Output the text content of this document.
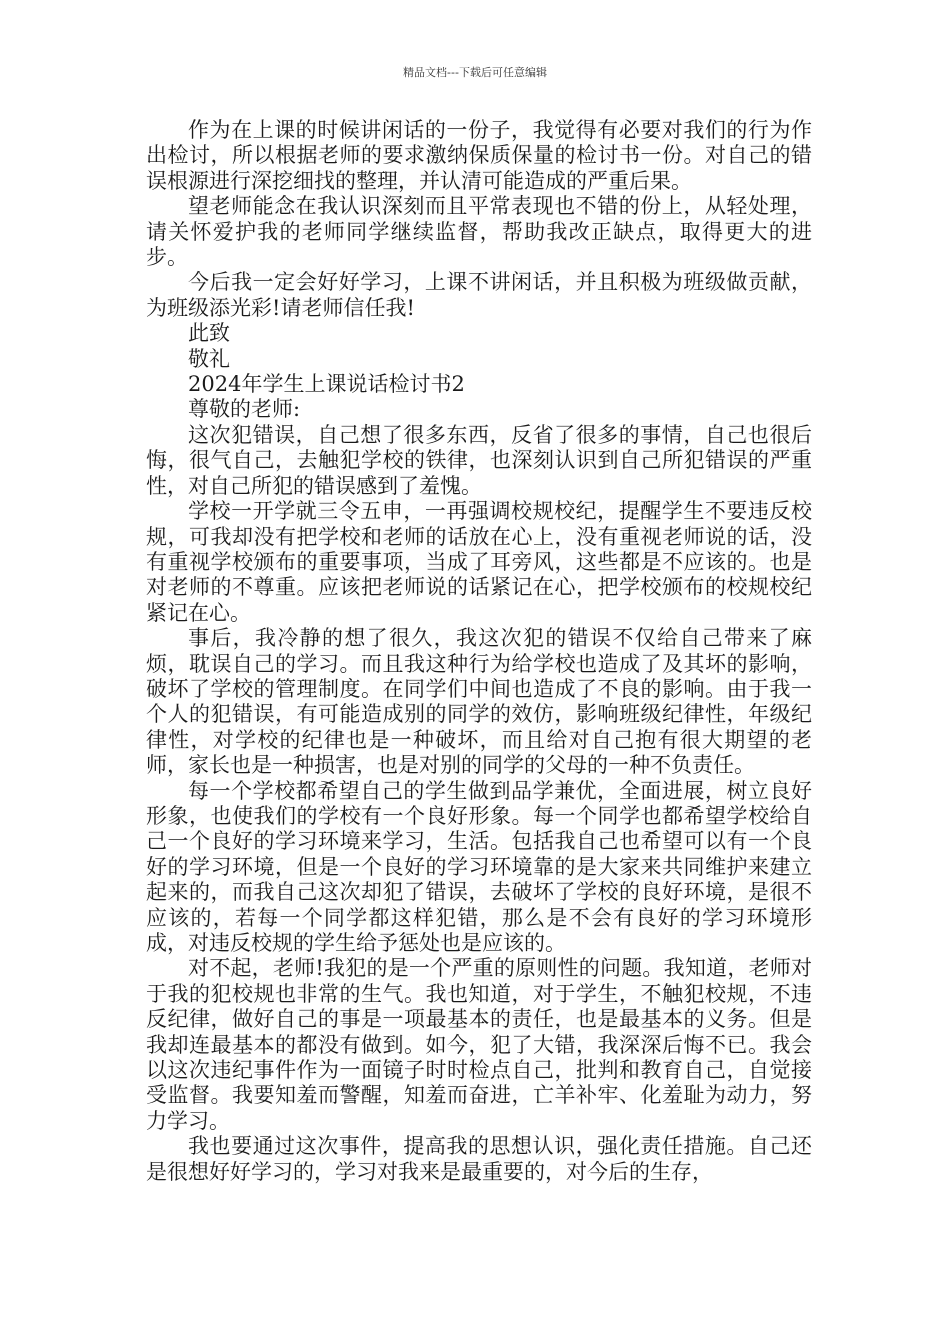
精品文档---下载后可任意编辑

作为在上课的时候讲闲话的一份子，我觉得有必要对我们的行为作出检讨，所以根据老师的要求激纳保质保量的检讨书一份。对自己的错误根源进行深挖细找的整理，并认清可能造成的严重后果。

望老师能念在我认识深刻而且平常表现也不错的份上，从轻处理，请关怀爱护我的老师同学继续监督，帮助我改正缺点，取得更大的进步。

今后我一定会好好学习，上课不讲闲话，并且积极为班级做贡献，为班级添光彩!请老师信任我!

此致

敬礼

2024年学生上课说话检讨书2

尊敬的老师:

这次犯错误，自己想了很多东西，反省了很多的事情，自己也很后悔，很气自己，去触犯学校的铁律，也深刻认识到自己所犯错误的严重性，对自己所犯的错误感到了羞愧。

学校一开学就三令五申，一再强调校规校纪，提醒学生不要违反校规，可我却没有把学校和老师的话放在心上，没有重视老师说的话，没有重视学校颁布的重要事项，当成了耳旁风，这些都是不应该的。也是对老师的不尊重。应该把老师说的话紧记在心，把学校颁布的校规校纪紧记在心。

事后，我冷静的想了很久，我这次犯的错误不仅给自己带来了麻烦，耽误自己的学习。而且我这种行为给学校也造成了及其坏的影响，破坏了学校的管理制度。在同学们中间也造成了不良的影响。由于我一个人的犯错误，有可能造成别的同学的效仿，影响班级纪律性，年级纪律性，对学校的纪律也是一种破坏，而且给对自己抱有很大期望的老师，家长也是一种损害，也是对别的同学的父母的一种不负责任。

每一个学校都希望自己的学生做到品学兼优，全面进展，树立良好形象，也使我们的学校有一个良好形象。每一个同学也都希望学校给自己一个良好的学习环境来学习，生活。包括我自己也希望可以有一个良好的学习环境，但是一个良好的学习环境靠的是大家来共同维护来建立起来的，而我自己这次却犯了错误，去破坏了学校的良好环境，是很不应该的，若每一个同学都这样犯错，那么是不会有良好的学习环境形成，对违反校规的学生给予惩处也是应该的。

对不起，老师!我犯的是一个严重的原则性的问题。我知道，老师对于我的犯校规也非常的生气。我也知道，对于学生，不触犯校规，不违反纪律，做好自己的事是一项最基本的责任，也是最基本的义务。但是我却连最基本的都没有做到。如今，犯了大错，我深深后悔不已。我会以这次违纪事件作为一面镜子时时检点自己，批判和教育自己，自觉接受监督。我要知羞而警醒，知羞而奋进，亡羊补牢、化羞耻为动力，努力学习。

我也要通过这次事件，提高我的思想认识，强化责任措施。自己还是很想好好学习的，学习对我来是最重要的，对今后的生存，
